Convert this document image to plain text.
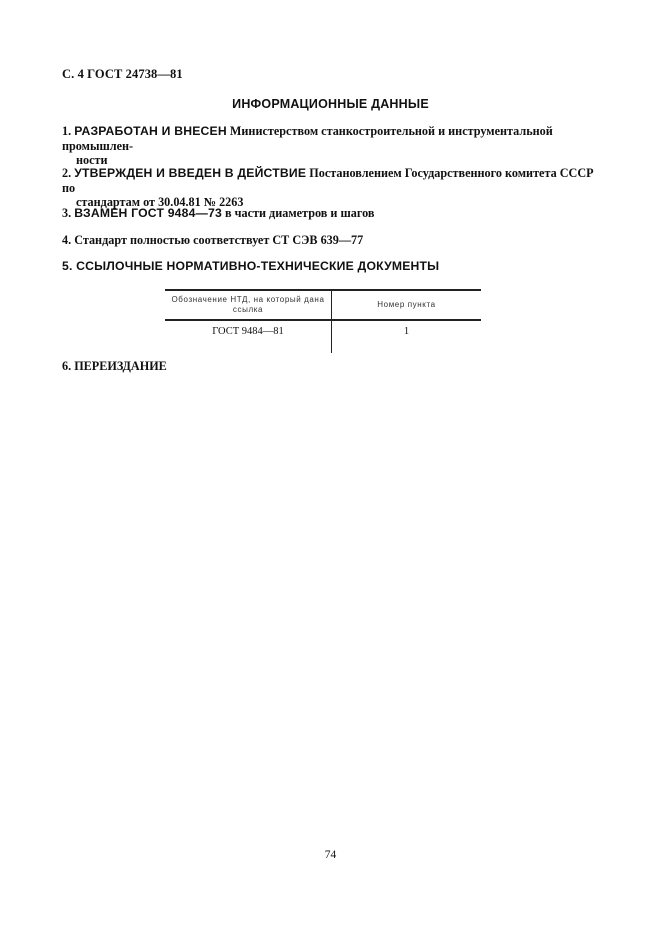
С. 4 ГОСТ 24738—81
ИНФОРМАЦИОННЫЕ ДАННЫЕ
1. РАЗРАБОТАН И ВНЕСЕН Министерством станкостроительной и инструментальной промышлен-
ности
2. УТВЕРЖДЕН И ВВЕДЕН В ДЕЙСТВИЕ Постановлением Государственного комитета СССР по
стандартам от 30.04.81 № 2263
3. ВЗАМЕН ГОСТ 9484—73 в части диаметров и шагов
4. Стандарт полностью соответствует СТ СЭВ 639—77
5. ССЫЛОЧНЫЕ НОРМАТИВНО-ТЕХНИЧЕСКИЕ ДОКУМЕНТЫ
Обозначение НТД, на который дана ссылка	Номер пункта
ГОСТ 9484—81	1
6. ПЕРЕИЗДАНИЕ
74
